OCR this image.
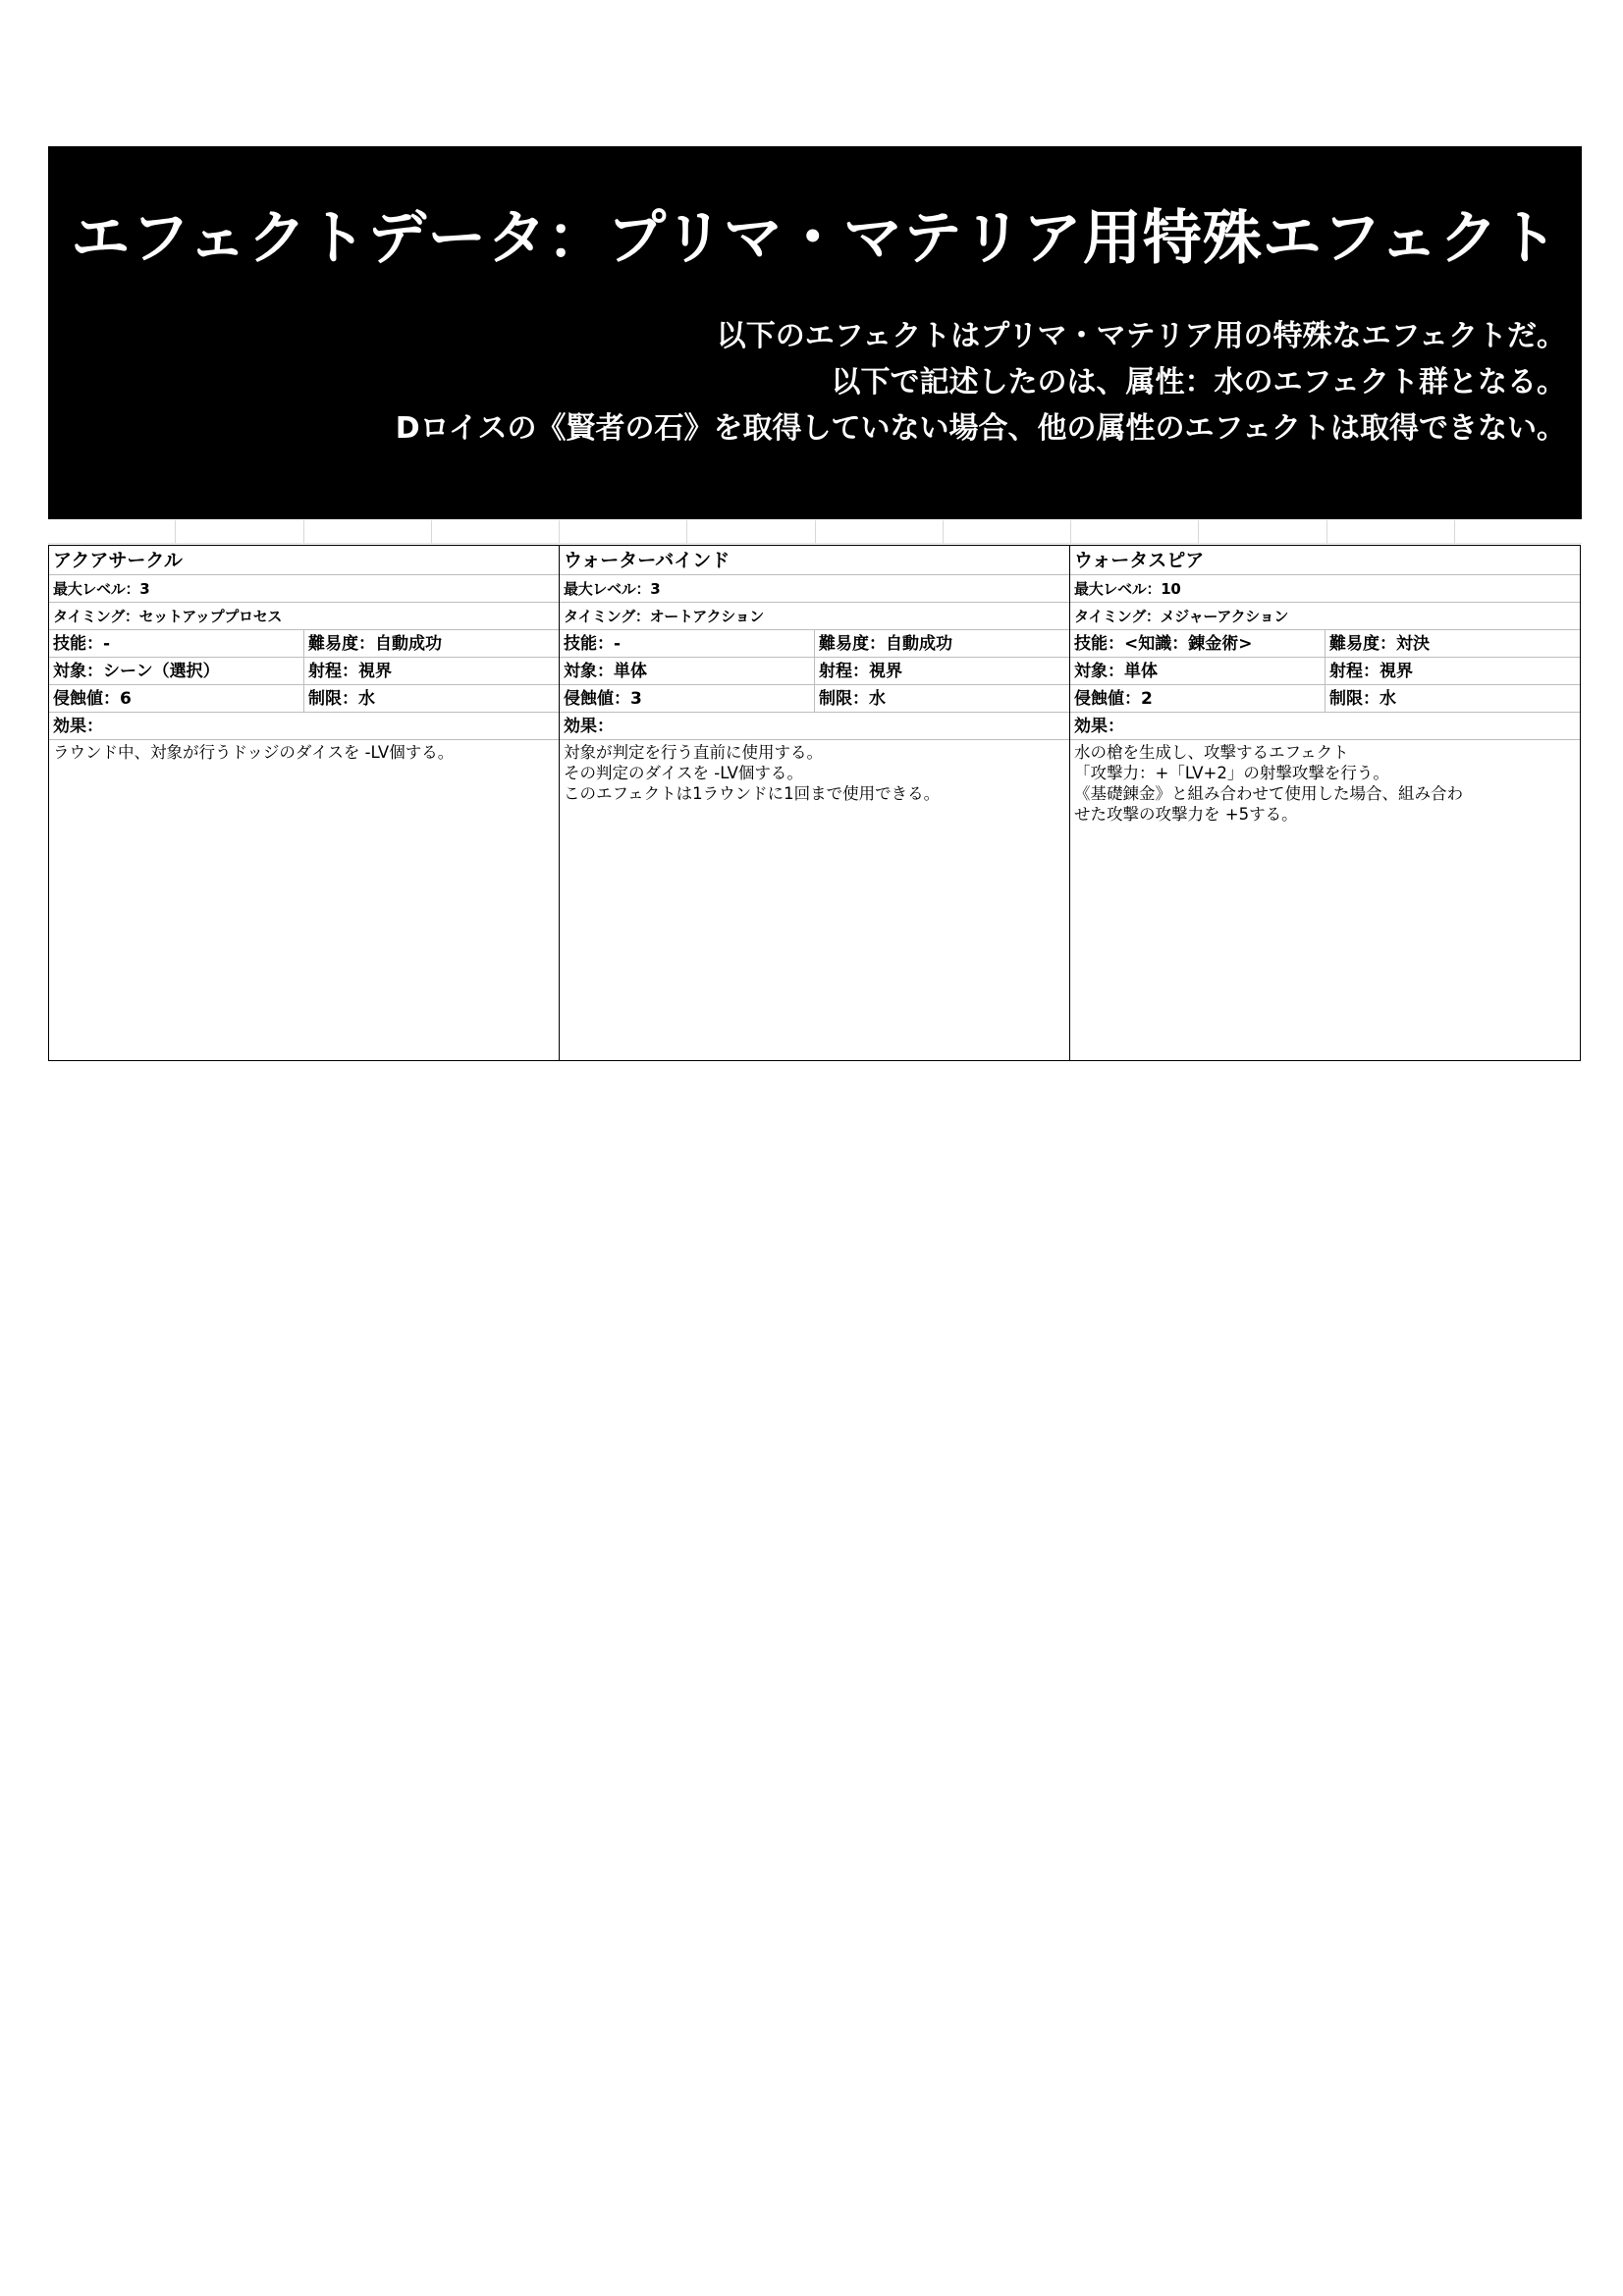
エフェクトデータ：プリマ・マテリア用特殊エフェクト
以下のエフェクトはプリマ・マテリア用の特殊なエフェクトだ。
以下で記述したのは、属性：水のエフェクト群となる。
Dロイスの《賢者の石》を取得していない場合、他の属性のエフェクトは取得できない。
アクアサークル
最大レベル：3
タイミング：セットアッププロセス
技能：-	難易度：自動成功
対象：シーン（選択）	射程：視界
侵蝕値：6	制限：水
効果：
ラウンド中、対象が行うドッジのダイスを -LV個する。
ウォーターバインド
最大レベル：3
タイミング：オートアクション
技能：-	難易度：自動成功
対象：単体	射程：視界
侵蝕値：3	制限：水
効果：
対象が判定を行う直前に使用する。
その判定のダイスを -LV個する。
このエフェクトは1ラウンドに1回まで使用できる。
ウォータスピア
最大レベル：10
タイミング：メジャーアクション
技能：<知識：錬金術>	難易度：対決
対象：単体	射程：視界
侵蝕値：2	制限：水
効果：
水の槍を生成し、攻撃するエフェクト
「攻撃力：+「LV+2」の射撃攻撃を行う。
《基礎錬金》と組み合わせて使用した場合、組み合わ
せた攻撃の攻撃力を +5する。
